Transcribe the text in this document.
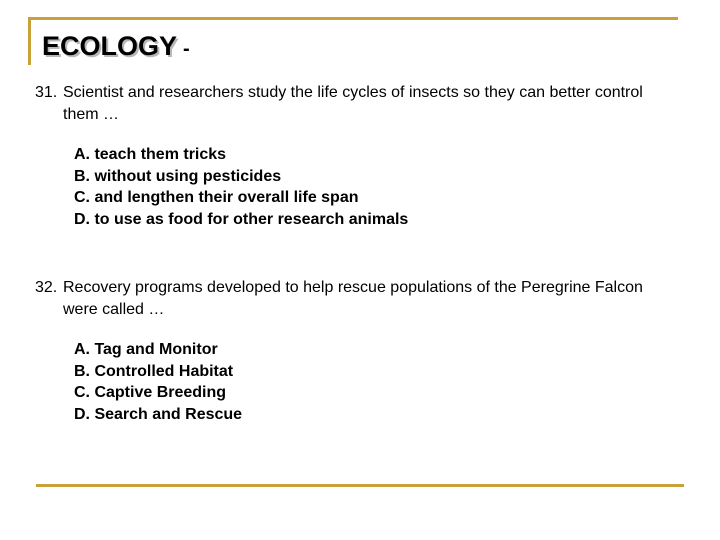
ECOLOGY -
31. Scientist and researchers study the life cycles of insects so they can better control them …
A. teach them tricks
B. without using pesticides
C. and lengthen their overall life span
D. to use as food for other research animals
32. Recovery programs developed to help rescue populations of the Peregrine Falcon were called …
A. Tag and Monitor
B. Controlled Habitat
C. Captive Breeding
D. Search and Rescue
